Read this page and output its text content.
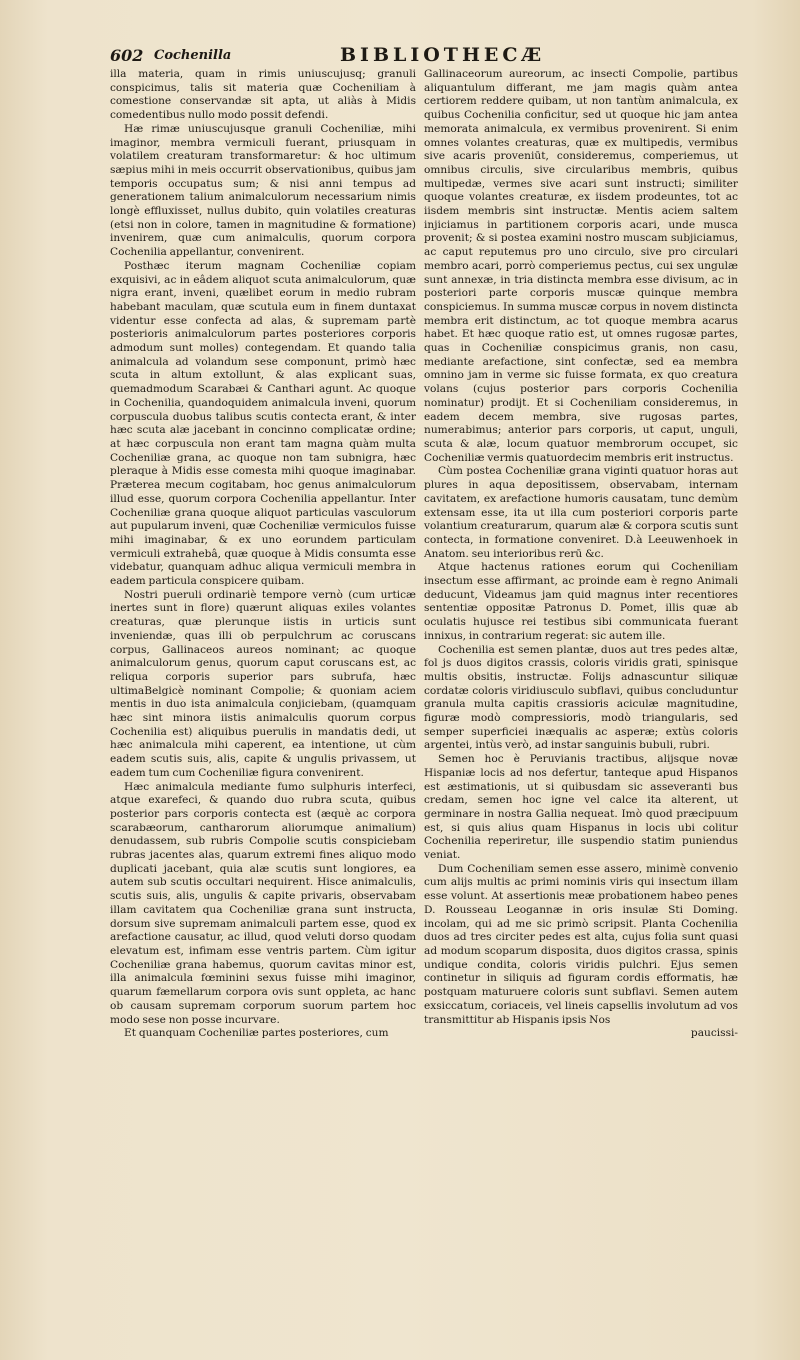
602 Cochenilla	BIBLIOTHECÆ

illa materia, quam in rimis uniuscujusq; granuli conspicimus, talis sit materia quæ Cocheniliam à comestione conservandæ sit apta, ut aliàs à Midis comedentibus nullo modo possit defendi.

Hæ rimæ uniuscujusque granuli Cocheniliæ, mihi imaginor, membra vermiculi fuerant, priusquam in volatilem creaturam transformaretur: & hoc ultimum sæpius mihi in meis occurrit observationibus, quibus jam temporis occupatus sum; & nisi anni tempus ad generationem talium animalculorum necessarium nimis longè effluxisset, nullus dubito, quin volatiles creaturas (etsi non in colore, tamen in magnitudine & formatione) invenirem, quæ cum animalculis, quorum corpora Cochenilia appellantur, convenirent.

Posthæc iterum magnam Cocheniliæ copiam exquisivi, ac in eâdem aliquot scuta animalculorum, quæ nigra erant, inveni, quælibet eorum in medio rubram habebant maculam, quæ scutula eum in finem duntaxat videntur esse confecta ad alas, & supremam partè posterioris animalculorum partes posteriores corporis admodum sunt molles) contegendam. Et quando talia animalcula ad volandum sese componunt, primò hæc scuta in altum extollunt, & alas explicant suas, quemadmodum Scarabæi & Canthari agunt. Ac quoque in Cochenilia, quandoquidem animalcula inveni, quorum corpuscula duobus talibus scutis contecta erant, & inter hæc scuta alæ jacebant in concinno complicatæ ordine; at hæc corpuscula non erant tam magna quàm multa Cocheniliæ grana, ac quoque non tam subnigra, hæc pleraque à Midis esse comesta mihi quoque imaginabar. Præterea mecum cogitabam, hoc genus animalculorum illud esse, quorum corpora Cochenilia appellantur. Inter Cocheniliæ grana quoque aliquot particulas vasculorum aut pupularum inveni, quæ Cocheniliæ vermiculos fuisse mihi imaginabar, & ex uno eorundem particulam vermiculi extrahebâ, quæ quoque à Midis consumta esse videbatur, quanquam adhuc aliqua vermiculi membra in eadem particula conspicere quibam.

Nostri pueruli ordinariè tempore vernò (cum urticæ inertes sunt in flore) quærunt aliquas exiles volantes creaturas, quæ plerunque iistis in urticis sunt inveniendæ, quas illi ob perpulchrum ac coruscans corpus, Gallinaceos aureos nominant; ac quoque animalculorum genus, quorum caput coruscans est, ac reliqua corporis superior pars subrufa, hæc ultimaBelgicè nominant Compolie; & quoniam aciem mentis in duo ista animalcula conjiciebam, (quamquam hæc sint minora iistis animalculis quorum corpus Cochenilia est) aliquibus puerulis in mandatis dedi, ut hæc animalcula mihi caperent, ea intentione, ut cùm eadem scutis suis, alis, capite & ungulis privassem, ut eadem tum cum Cocheniliæ figura convenirent.

Hæc animalcula mediante fumo sulphuris interfeci, atque exarefeci, & quando duo rubra scuta, quibus posterior pars corporis contecta est (æquè ac corpora scarabæorum, cantharorum aliorumque animalium) denudassem, sub rubris Compolie scutis conspiciebam rubras jacentes alas, quarum extremi fines aliquo modo duplicati jacebant, quia alæ scutis sunt longiores, ea autem sub scutis occultari nequirent. Hisce animalculis, scutis suis, alis, ungulis & capite privaris, observabam illam cavitatem qua Cocheniliæ grana sunt instructa, dorsum sive supremam animalculi partem esse, quod ex arefactione causatur, ac illud, quod veluti dorso quodam elevatum est, infimam esse ventris partem. Cùm igitur Cocheniliæ grana habemus, quorum cavitas minor est, illa animalcula fœminini sexus fuisse mihi imaginor, quarum fæmellarum corpora ovis sunt oppleta, ac hanc ob causam supremam corporum suorum partem hoc modo sese non posse incurvare.

Et quanquam Cocheniliæ partes posteriores, cum

Gallinaceorum aureorum, ac insecti Compolie, partibus aliquantulum differant, me jam magis quàm antea certiorem reddere quibam, ut non tantùm animalcula, ex quibus Cochenilia conficitur, sed ut quoque hic jam antea memorata animalcula, ex vermibus provenirent. Si enim omnes volantes creaturas, quæ ex multipedis, vermibus sive acaris proveniūt, consideremus, comperiemus, ut omnibus circulis, sive circularibus membris, quibus multipedæ, vermes sive acari sunt instructi; similiter quoque volantes creaturæ, ex iisdem prodeuntes, tot ac iisdem membris sint instructæ. Mentis aciem saltem injiciamus in partitionem corporis acari, unde musca provenit; & si postea examini nostro muscam subjiciamus, ac caput reputemus pro uno circulo, sive pro circulari membro acari, porrò comperiemus pectus, cui sex ungulæ sunt annexæ, in tria distincta membra esse divisum, ac in posteriori parte corporis muscæ quinque membra conspiciemus. In summa muscæ corpus in novem distincta membra erit distinctum, ac tot quoque membra acarus habet. Et hæc quoque ratio est, ut omnes rugosæ partes, quas in Cocheniliæ conspicimus granis, non casu, mediante arefactione, sint confectæ, sed ea membra omnino jam in verme sic fuisse formata, ex quo creatura volans (cujus posterior pars corporis Cochenilia nominatur) prodijt. Et si Cocheniliam consideremus, in eadem decem membra, sive rugosas partes, numerabimus; anterior pars corporis, ut caput, unguli, scuta & alæ, locum quatuor membrorum occupet, sic Cocheniliæ vermis quatuordecim membris erit instructus.

Cùm postea Cocheniliæ grana viginti quatuor horas aut plures in aqua depositissem, observabam, internam cavitatem, ex arefactione humoris causatam, tunc demùm extensam esse, ita ut illa cum posteriori corporis parte volantium creaturarum, quarum alæ & corpora scutis sunt contecta, in formatione conveniret. D.à Leeuwenhoek in Anatom. seu interioribus rerū &c.

Atque hactenus rationes eorum qui Cocheniliam insectum esse affirmant, ac proinde eam è regno Animali deducunt, Videamus jam quid magnus inter recentiores sententiæ oppositæ Patronus D. Pomet, illis quæ ab oculatis hujusce rei testibus sibi communicata fuerant innixus, in contrarium regerat: sic autem ille.

Cochenilia est semen plantæ, duos aut tres pedes altæ, fol js duos digitos crassis, coloris viridis grati, spinisque multis obsitis, instructæ. Folijs adnascuntur siliquæ cordatæ coloris viridiusculo subflavi, quibus concluduntur granula multa capitis crassioris aciculæ magnitudine, figuræ modò compressioris, modò triangularis, sed semper superficiei inæqualis ac asperæ; extùs coloris argentei, intùs verò, ad instar sanguinis bubuli, rubri.

Semen hoc è Peruvianis tractibus, alijsque novæ Hispaniæ locis ad nos defertur, tanteque apud Hispanos est æstimationis, ut si quibusdam sic asseveranti bus credam, semen hoc igne vel calce ita alterent, ut germinare in nostra Gallia nequeat. Imò quod præcipuum est, si quis alius quam Hispanus in locis ubi colitur Cochenilia reperiretur, ille suspendio statim puniendus veniat.

Dum Cocheniliam semen esse assero, minimè convenio cum alijs multis ac primi nominis viris qui insectum illam esse volunt. At assertionis meæ probationem habeo penes D. Rousseau Leogannæ in oris insulæ Sti Doming. incolam, qui ad me sic primò scripsit. Planta Cochenilia duos ad tres circiter pedes est alta, cujus folia sunt quasi ad modum scoparum disposita, duos digitos crassa, spinis undique condita, coloris viridis pulchri. Ejus semen continetur in siliquis ad figuram cordis efformatis, hæ postquam maturuere coloris sunt subflavi. Semen autem exsiccatum, coriaceis, vel lineis capsellis involutum ad vos transmittitur ab Hispanis ipsis Nos

paucissi-
